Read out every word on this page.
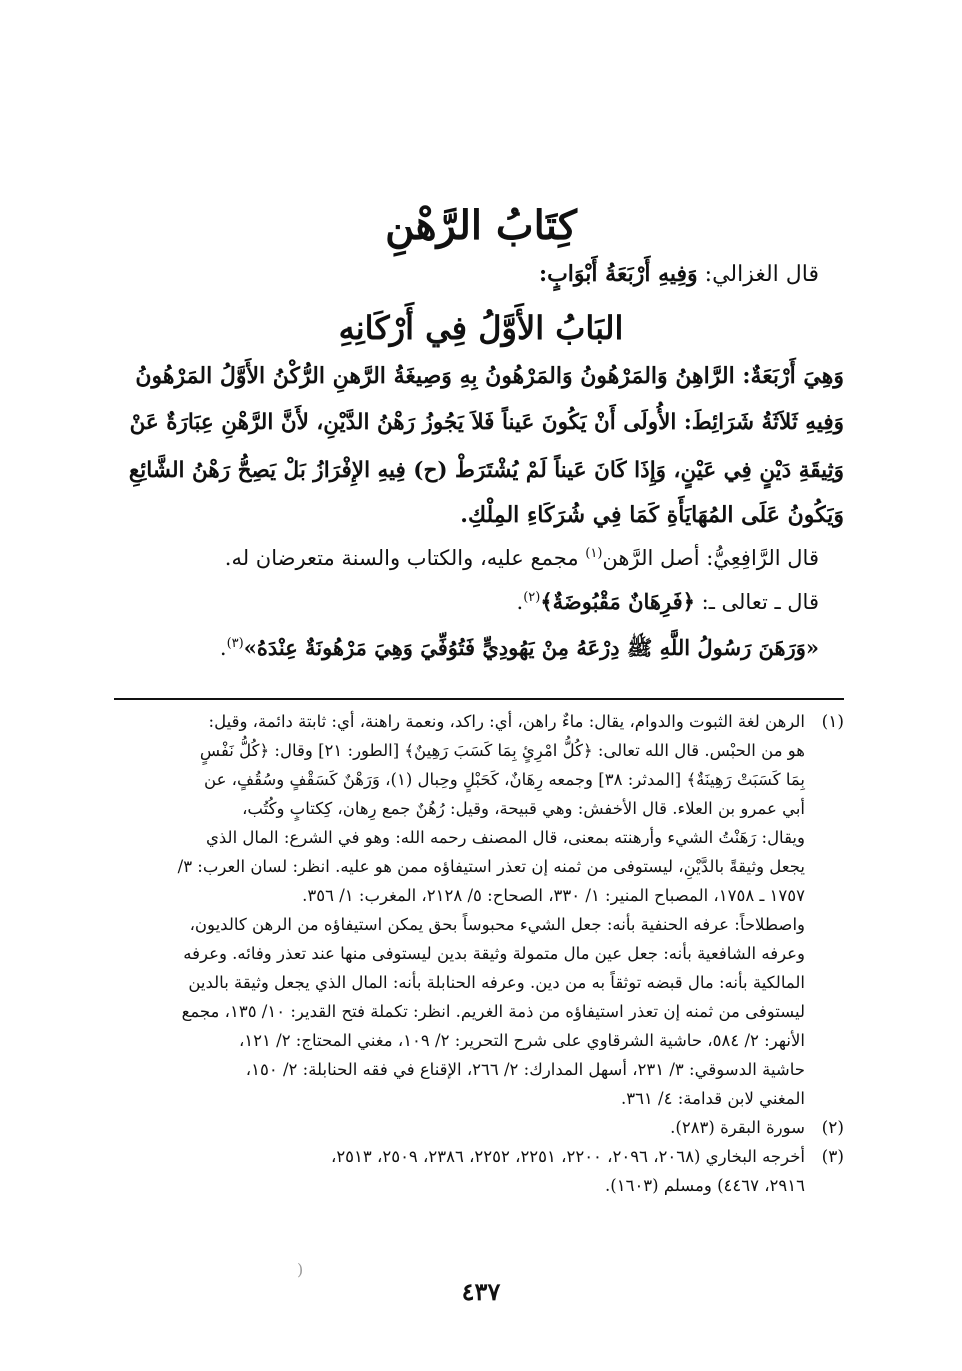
كِتَابُ الرَّهْنِ
قال الغزالي: وَفِيهِ أَرْبَعَةُ أَبْوَابٍ:
البَابُ الأَوَّلُ فِي أَرْكَانِهِ
وَهِيَ أَرْبَعَةٌ: الرَّاهِنُ وَالمَرْهُونُ وَالمَرْهُونُ بِهِ وَصِيغَةُ الرَّهنِ الرُّكْنُ الأَوَّلُ المَرْهُونُ
وَفِيهِ ثَلاَثَةُ شَرَائِطَ: الأُولَى أَنْ يَكُونَ عَيناً فَلاَ يَجُوزُ رَهْنُ الدَّيْنِ، لأَنَّ الرَّهْنِ عِبَارَةٌ عَنْ
وَثِيقَةِ دَيْنٍ فِي عَيْنٍ، وَإِذَا كَانَ عَيناً لَمْ يُشْتَرَطْ (ح) فِيهِ الإِفْرَازُ بَلْ يَصِحُّ رَهْنُ الشَّائِعِ
وَيَكُونُ عَلَى المُهَايَأَةِ كَمَا فِي شُرَكَاءِ المِلْكِ.
قال الرَّافِعِيُّ: أصل الرَّهن$^{(١)}$ مجمع عليه، والكتاب والسنة متعرضان له.
قال ـ تعالى ـ: ﴿فَرِهَانٌ مَقْبُوضَةٌ﴾$^{(٢)}$.
«وَرَهَنَ رَسُولُ اللَّهِ ﷺ دِرْعَهُ مِنْ يَهُودِيٍّ فَتُوُفِّيَ وَهِيَ مَرْهُونَةٌ عِنْدَهُ»$^{(٣)}$.
(١)
الرهن لغة الثبوت والدوام، يقال: ماءٌ راهن، أي: راكد، ونعمة راهنة، أي: ثابتة دائمة، وقيل:
هو من الحبْس. قال الله تعالى: ﴿كُلُّ امْرِئٍ بِمَا كَسَبَ رَهِينٌ﴾ [الطور: ٢١] وقال: ﴿كُلُّ نَفْسٍ
بِمَا كَسَبَتْ رَهِينَةٌ﴾ [المدثر: ٣٨] وجمعه رِهَانٌ، كَحَبْلٍ وحِبال (١)، وَرَهْنٌ كَسَقْفٍ وسُقُفٍ، عن
أبي عمرو بن العلاء. قال الأخفش: وهي قبيحة، وقيل: رُهُنٌ جمع رِهان، كِكتابٍ وكُتُب،
ويقال: رَهَنْتُ الشيء وأرهنته بمعنى، قال المصنف رحمه الله: وهو في الشرع: المال الذي
يجعل وثيقةً بالدَّيْنِ، ليستوفى من ثمنه إن تعذر استيفاؤه ممن هو عليه. انظر: لسان العرب: ٣/
١٧٥٧ ـ ١٧٥٨، المصباح المنير: ١/ ٣٣٠، الصحاح: ٥/ ٢١٢٨، المغرب: ١/ ٣٥٦.
واصطلاحاً: عرفه الحنفية بأنه: جعل الشيء محبوساً بحق يمكن استيفاؤه من الرهن كالديون،
وعرفه الشافعية بأنه: جعل عين مال متمولة وثيقة بدين ليستوفى منها عند تعذر وفائه. وعرفه
المالكية بأنه: مال قبضه توثقاً به من دين. وعرفه الحنابلة بأنه: المال الذي يجعل وثيقة بالدين
ليستوفى من ثمنه إن تعذر استيفاؤه من ذمة الغريم. انظر: تكملة فتح القدير: ١٠/ ١٣٥، مجمع
الأنهر: ٢/ ٥٨٤، حاشية الشرقاوي على شرح التحرير: ٢/ ١٠٩، مغني المحتاج: ٢/ ١٢١،
حاشية الدسوقي: ٣/ ٢٣١، أسهل المدارك: ٢/ ٢٦٦، الإقناع في فقه الحنابلة: ٢/ ١٥٠،
المغني لابن قدامة: ٤/ ٣٦١.
(٢)
سورة البقرة (٢٨٣).
(٣)
أخرجه البخاري (٢٠٦٨، ٢٠٩٦، ٢٢٠٠، ٢٢٥١، ٢٢٥٢، ٢٣٨٦، ٢٥٠٩، ٢٥١٣،
٢٩١٦، ٤٤٦٧) ومسلم (١٦٠٣).
(
٤٣٧
